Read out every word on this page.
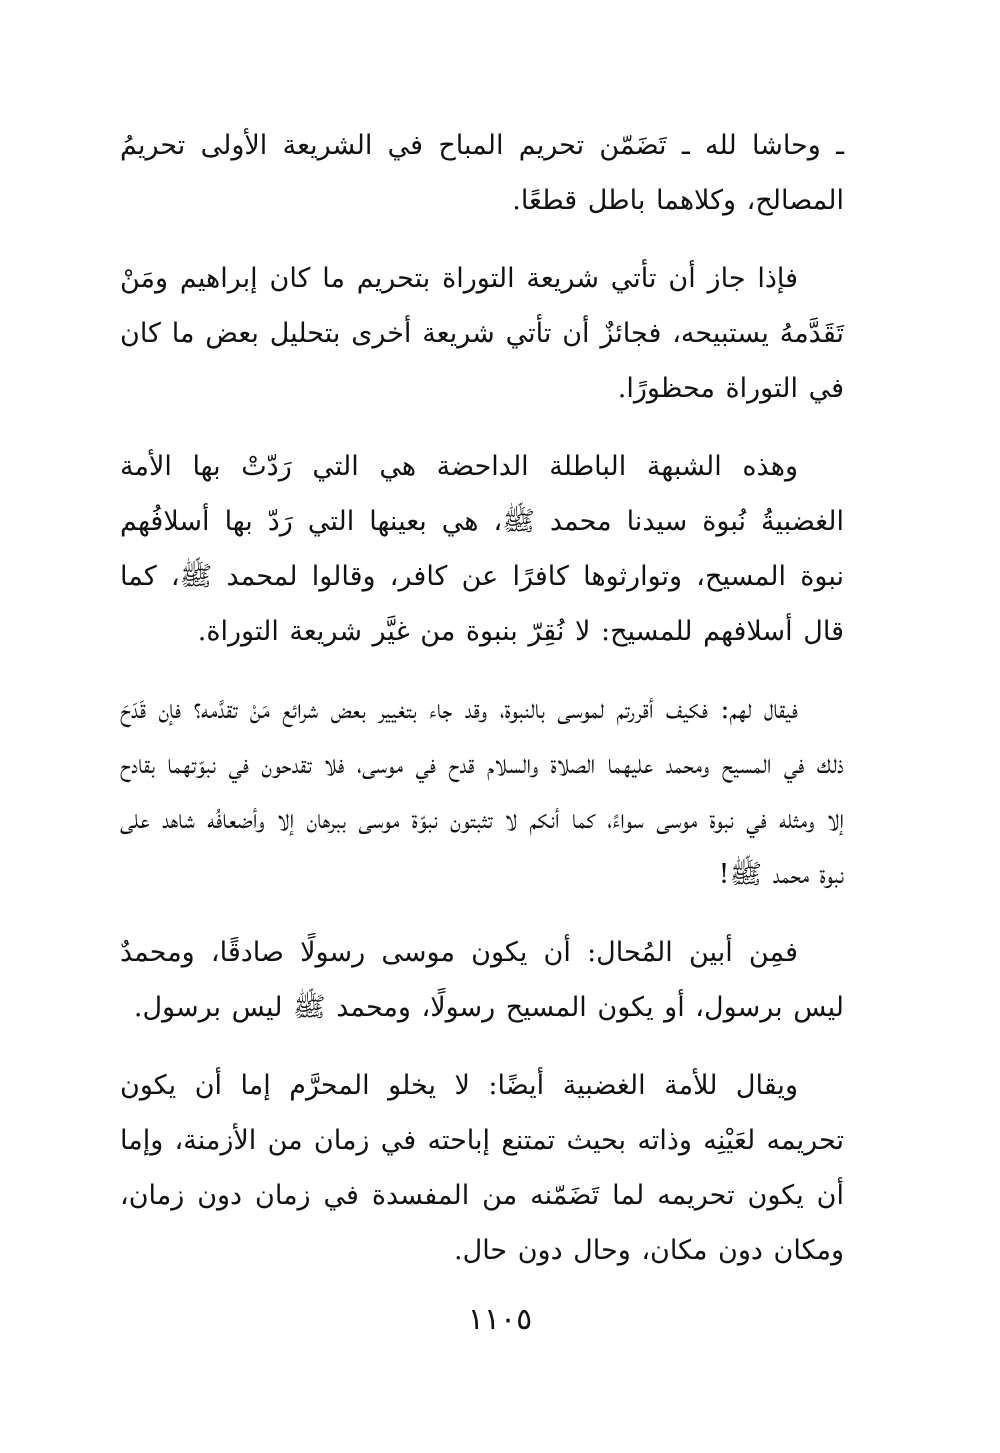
ـ وحاشا لله ـ تَضَمّن تحريم المباح في الشريعة الأولى تحريمُ المصالح، وكلاهما باطل قطعًا.

فإذا جاز أن تأتي شريعة التوراة بتحريم ما كان إبراهيم ومَنْ تَقَدَّمهُ يستبيحه، فجائزٌ أن تأتي شريعة أخرى بتحليل بعض ما كان في التوراة محظورًا.

وهذه الشبهة الباطلة الداحضة هي التي رَدّتْ بها الأمة الغضبيةُ نُبوة سيدنا محمد ﷺ، هي بعينها التي رَدّ بها أسلافُهم نبوة المسيح، وتوارثوها كافرًا عن كافر، وقالوا لمحمد ﷺ، كما قال أسلافهم للمسيح: لا نُقِرّ بنبوة من غيَّر شريعة التوراة.

فيقال لهم: فكيف أقررتم لموسى بالنبوة، وقد جاء بتغيير بعض شرائع مَنْ تقدَّمه؟ فإن قَدَحَ ذلك في المسيح ومحمد عليهما الصلاة والسلام قدح في موسى، فلا تقدحون في نبوّتهما بقادح إلا ومثله في نبوة موسى سواءً، كما أنكم لا تثبتون نبوّة موسى ببرهان إلا وأضعافُه شاهد على نبوة محمد ﷺ!

فمِن أبين المُحال: أن يكون موسى رسولًا صادقًا، ومحمدٌ ليس برسول، أو يكون المسيح رسولًا، ومحمد ﷺ ليس برسول.

ويقال للأمة الغضبية أيضًا: لا يخلو المحرَّم إما أن يكون تحريمه لعَيْنِه وذاته بحيث تمتنع إباحته في زمان من الأزمنة، وإما أن يكون تحريمه لما تَضَمّنه من المفسدة في زمان دون زمان، ومكان دون مكان، وحال دون حال.

١١٠٥
